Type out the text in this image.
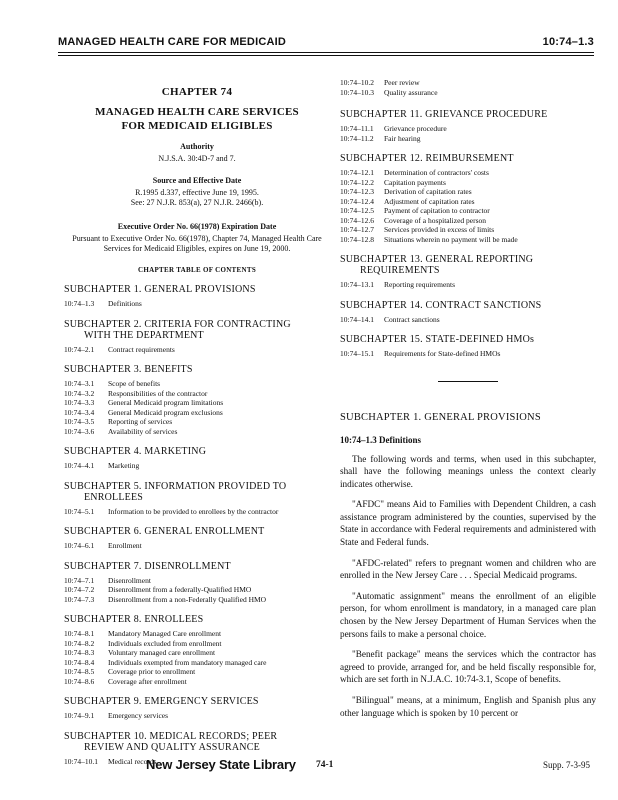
MANAGED HEALTH CARE FOR MEDICAID	10:74–1.3
CHAPTER 74
MANAGED HEALTH CARE SERVICES
FOR MEDICAID ELIGIBLES
Authority
N.J.S.A. 30:4D-7 and 7.
Source and Effective Date
R.1995 d.337, effective June 19, 1995.
See: 27 N.J.R. 853(a), 27 N.J.R. 2466(b).
Executive Order No. 66(1978) Expiration Date
Pursuant to Executive Order No. 66(1978), Chapter 74, Managed Health Care Services for Medicaid Eligibles, expires on June 19, 2000.
CHAPTER TABLE OF CONTENTS
SUBCHAPTER 1. GENERAL PROVISIONS
10:74–1.3	Definitions
SUBCHAPTER 2. CRITERIA FOR CONTRACTING
WITH THE DEPARTMENT
10:74–2.1	Contract requirements
SUBCHAPTER 3. BENEFITS
10:74–3.1	Scope of benefits
10:74–3.2	Responsibilities of the contractor
10:74–3.3	General Medicaid program limitations
10:74–3.4	General Medicaid program exclusions
10:74–3.5	Reporting of services
10:74–3.6	Availability of services
SUBCHAPTER 4. MARKETING
10:74–4.1	Marketing
SUBCHAPTER 5. INFORMATION PROVIDED TO
ENROLLEES
10:74–5.1	Information to be provided to enrollees by the contractor
SUBCHAPTER 6. GENERAL ENROLLMENT
10:74–6.1	Enrollment
SUBCHAPTER 7. DISENROLLMENT
10:74–7.1	Disenrollment
10:74–7.2	Disenrollment from a federally-Qualified HMO
10:74–7.3	Disenrollment from a non-Federally Qualified HMO
SUBCHAPTER 8. ENROLLEES
10:74–8.1	Mandatory Managed Care enrollment
10:74–8.2	Individuals excluded from enrollment
10:74–8.3	Voluntary managed care enrollment
10:74–8.4	Individuals exempted from mandatory managed care
10:74–8.5	Coverage prior to enrollment
10:74–8.6	Coverage after enrollment
SUBCHAPTER 9. EMERGENCY SERVICES
10:74–9.1	Emergency services
SUBCHAPTER 10. MEDICAL RECORDS; PEER
REVIEW AND QUALITY ASSURANCE
10:74–10.1	Medical records
10:74–10.2	Peer review
10:74–10.3	Quality assurance
SUBCHAPTER 11. GRIEVANCE PROCEDURE
10:74–11.1	Grievance procedure
10:74–11.2	Fair hearing
SUBCHAPTER 12. REIMBURSEMENT
10:74–12.1	Determination of contractors' costs
10:74–12.2	Capitation payments
10:74–12.3	Derivation of capitation rates
10:74–12.4	Adjustment of capitation rates
10:74–12.5	Payment of capitation to contractor
10:74–12.6	Coverage of a hospitalized person
10:74–12.7	Services provided in excess of limits
10:74–12.8	Situations wherein no payment will be made
SUBCHAPTER 13. GENERAL REPORTING
REQUIREMENTS
10:74–13.1	Reporting requirements
SUBCHAPTER 14. CONTRACT SANCTIONS
10:74–14.1	Contract sanctions
SUBCHAPTER 15. STATE-DEFINED HMOs
10:74–15.1	Requirements for State-defined HMOs
SUBCHAPTER 1. GENERAL PROVISIONS
10:74–1.3 Definitions

The following words and terms, when used in this subchapter, shall have the following meanings unless the context clearly indicates otherwise.

"AFDC" means Aid to Families with Dependent Children, a cash assistance program administered by the counties, supervised by the State in accordance with Federal requirements and administered with State and Federal funds.

"AFDC-related" refers to pregnant women and children who are enrolled in the New Jersey Care . . . Special Medicaid programs.

"Automatic assignment" means the enrollment of an eligible person, for whom enrollment is mandatory, in a managed care plan chosen by the New Jersey Department of Human Services when the persons fails to make a personal choice.

"Benefit package" means the services which the contractor has agreed to provide, arranged for, and be held fiscally responsible for, which are set forth in N.J.A.C. 10:74-3.1, Scope of benefits.

"Bilingual" means, at a minimum, English and Spanish plus any other language which is spoken by 10 percent or

New Jersey State Library 74-1	Supp. 7-3-95
